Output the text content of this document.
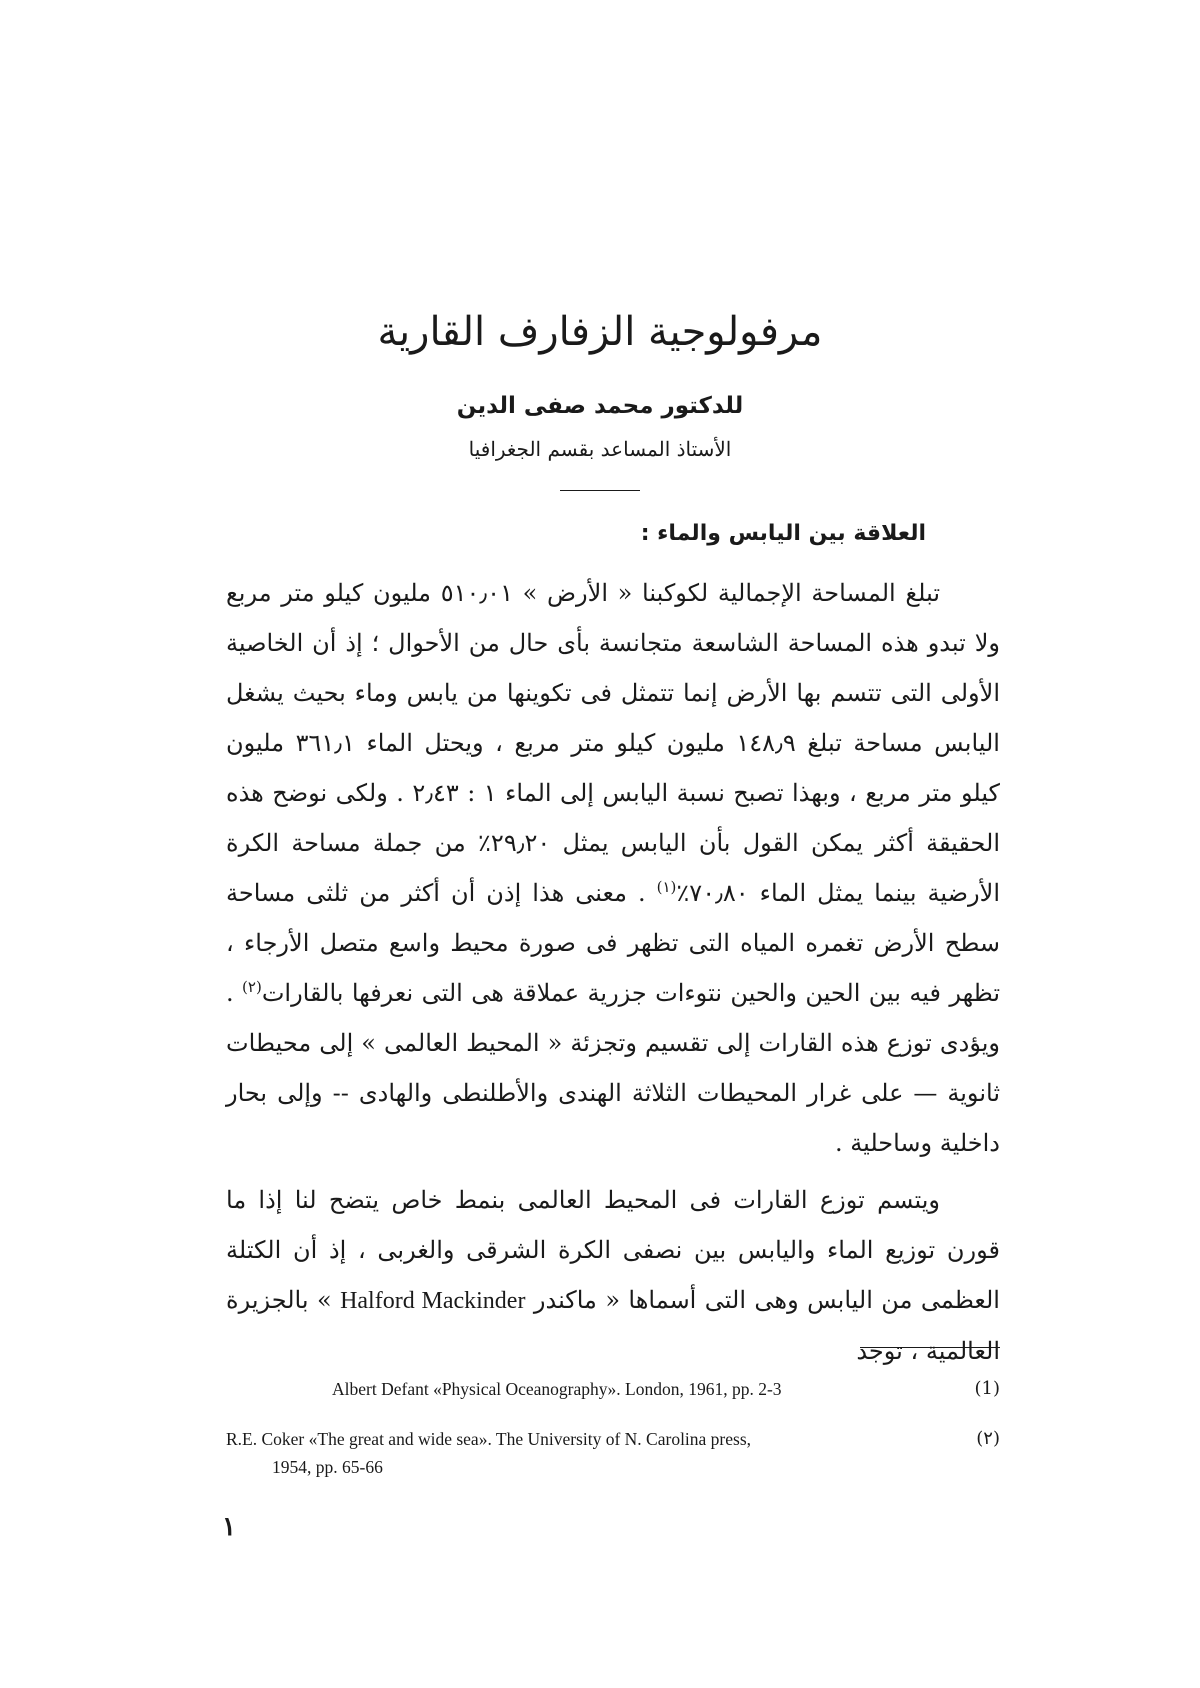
مرفولوجية الزفارف القارية
للدكتور محمد صفى الدين
الأستاذ المساعد بقسم الجغرافيا
العلاقة بين اليابس والماء :

تبلغ المساحة الإجمالية لكوكبنا « الأرض » ٥١٠٫٠١ مليون كيلو متر مربع ولا تبدو هذه المساحة الشاسعة متجانسة بأى حال من الأحوال ؛ إذ أن الخاصية الأولى التى تتسم بها الأرض إنما تتمثل فى تكوينها من يابس وماء بحيث يشغل اليابس مساحة تبلغ ١٤٨٫٩ مليون كيلو متر مربع ، ويحتل الماء ٣٦١٫١ مليون كيلو متر مربع ، وبهذا تصبح نسبة اليابس إلى الماء ١ : ٢٫٤٣ . ولكى نوضح هذه الحقيقة أكثر يمكن القول بأن اليابس يمثل ٢٩٫٢٠٪ من جملة مساحة الكرة الأرضية بينما يمثل الماء ٧٠٫٨٠٪$^{(١)}$ . معنى هذا إذن أن أكثر من ثلثى مساحة سطح الأرض تغمره المياه التى تظهر فى صورة محيط واسع متصل الأرجاء ، تظهر فيه بين الحين والحين نتوءات جزرية عملاقة هى التى نعرفها بالقارات$^{(٢)}$ . ويؤدى توزع هذه القارات إلى تقسيم وتجزئة « المحيط العالمى » إلى محيطات ثانوية — على غرار المحيطات الثلاثة الهندى والأطلنطى والهادى -- وإلى بحار داخلية وساحلية .

ويتسم توزع القارات فى المحيط العالمى بنمط خاص يتضح لنا إذا ما قورن توزيع الماء واليابس بين نصفى الكرة الشرقى والغربى ، إذ أن الكتلة العظمى من اليابس وهى التى أسماها « ماكندر Halford Mackinder » بالجزيرة العالمية ، توجد

Albert Defant «Physical Oceanography». London, 1961, pp. 2-3	(1)
R.E. Coker «The great and wide sea». The University of N. Carolina press,
1954, pp. 65-66
(٢)
١
